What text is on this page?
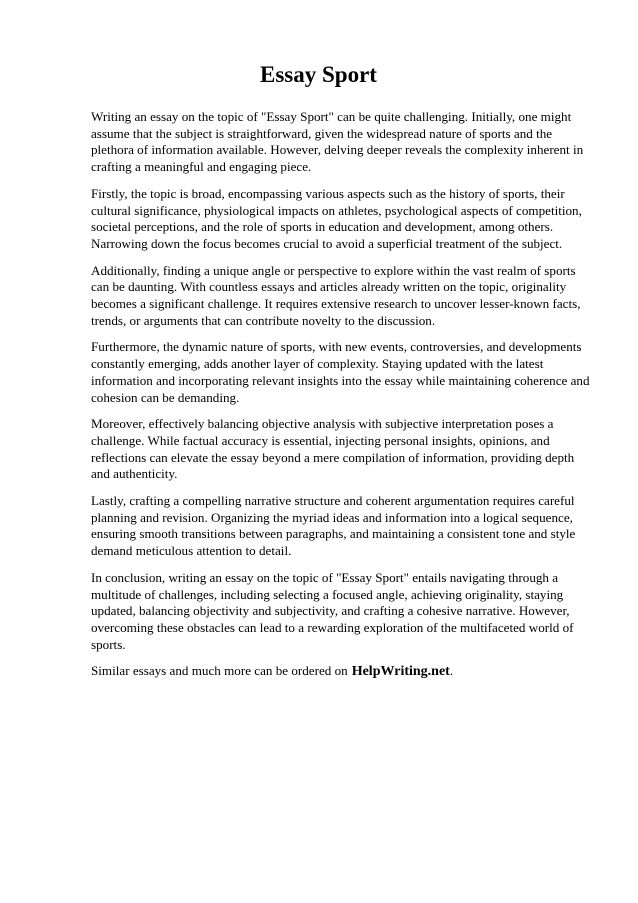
Essay Sport

Writing an essay on the topic of "Essay Sport" can be quite challenging. Initially, one might assume that the subject is straightforward, given the widespread nature of sports and the plethora of information available. However, delving deeper reveals the complexity inherent in crafting a meaningful and engaging piece.

Firstly, the topic is broad, encompassing various aspects such as the history of sports, their cultural significance, physiological impacts on athletes, psychological aspects of competition, societal perceptions, and the role of sports in education and development, among others. Narrowing down the focus becomes crucial to avoid a superficial treatment of the subject.

Additionally, finding a unique angle or perspective to explore within the vast realm of sports can be daunting. With countless essays and articles already written on the topic, originality becomes a significant challenge. It requires extensive research to uncover lesser-known facts, trends, or arguments that can contribute novelty to the discussion.

Furthermore, the dynamic nature of sports, with new events, controversies, and developments constantly emerging, adds another layer of complexity. Staying updated with the latest information and incorporating relevant insights into the essay while maintaining coherence and cohesion can be demanding.

Moreover, effectively balancing objective analysis with subjective interpretation poses a challenge. While factual accuracy is essential, injecting personal insights, opinions, and reflections can elevate the essay beyond a mere compilation of information, providing depth and authenticity.

Lastly, crafting a compelling narrative structure and coherent argumentation requires careful planning and revision. Organizing the myriad ideas and information into a logical sequence, ensuring smooth transitions between paragraphs, and maintaining a consistent tone and style demand meticulous attention to detail.

In conclusion, writing an essay on the topic of "Essay Sport" entails navigating through a multitude of challenges, including selecting a focused angle, achieving originality, staying updated, balancing objectivity and subjectivity, and crafting a cohesive narrative. However, overcoming these obstacles can lead to a rewarding exploration of the multifaceted world of sports.

Similar essays and much more can be ordered on HelpWriting.net.
